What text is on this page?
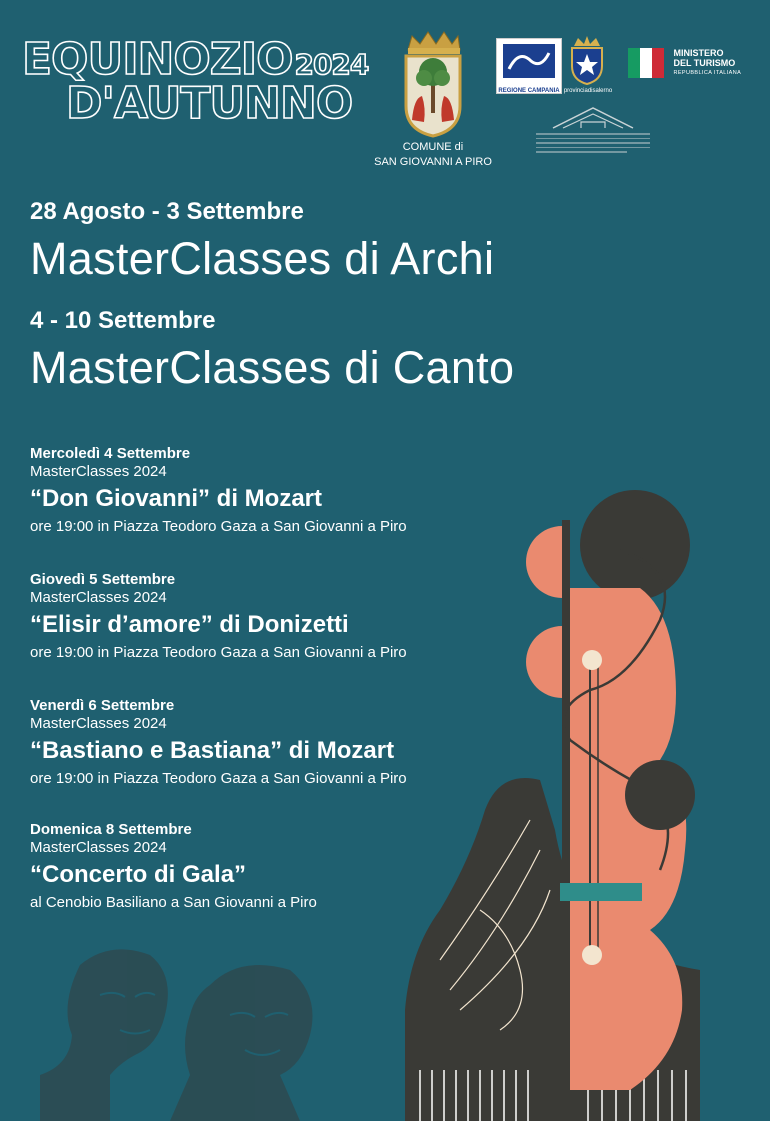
EQUINOZIO2024
D'AUTUNNO
COMUNE di
SAN GIOVANNI A PIRO
REGIONE CAMPANIA provinciadisalerno

MINISTERO
DEL TURISMO
REPUBBLICA ITALIANA
28 Agosto - 3 Settembre
MasterClasses di Archi
4 - 10 Settembre
MasterClasses di Canto
Mercoledì 4 Settembre
MasterClasses 2024
“Don Giovanni” di Mozart
ore 19:00 in Piazza Teodoro Gaza a San Giovanni a Piro
Giovedì 5 Settembre
MasterClasses 2024
“Elisir d’amore” di Donizetti
ore 19:00 in Piazza Teodoro Gaza a San Giovanni a Piro
Venerdì 6 Settembre
MasterClasses 2024
“Bastiano e Bastiana” di Mozart
ore 19:00 in Piazza Teodoro Gaza a San Giovanni a Piro
Domenica 8 Settembre
MasterClasses 2024
“Concerto di Gala”
al Cenobio Basiliano a San Giovanni a Piro
